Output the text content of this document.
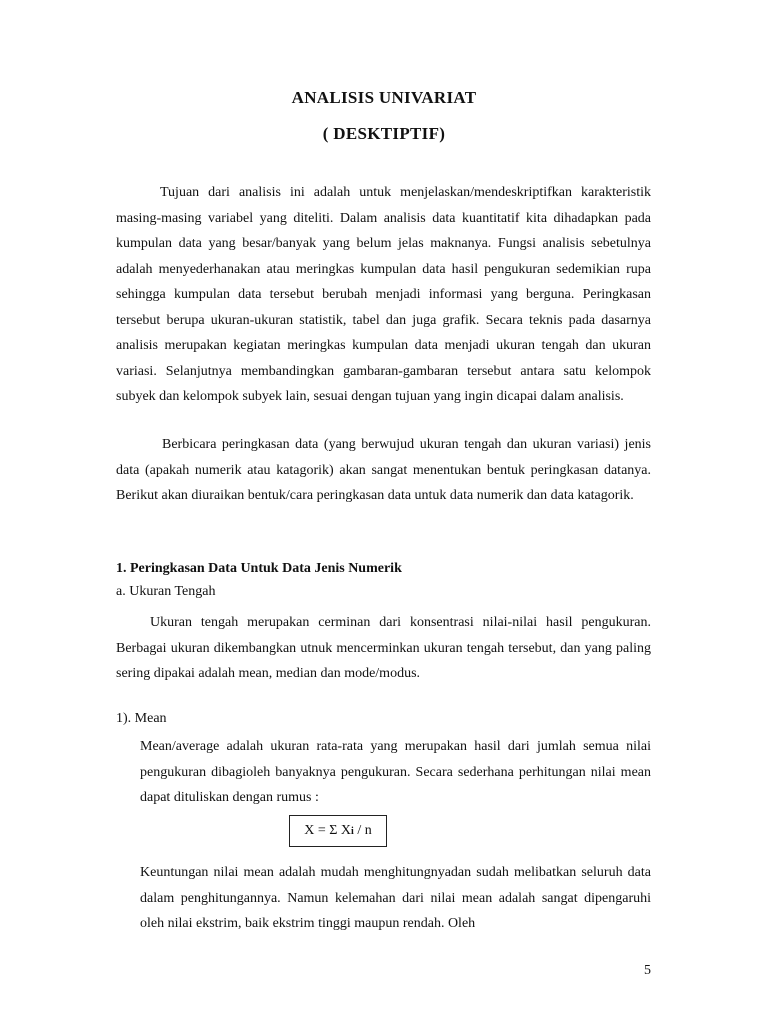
ANALISIS UNIVARIAT
( DESKTIPTIF)

Tujuan dari analisis ini adalah untuk menjelaskan/mendeskriptifkan karakteristik masing-masing variabel yang diteliti. Dalam analisis data kuantitatif kita dihadapkan pada kumpulan data yang besar/banyak yang belum jelas maknanya. Fungsi analisis sebetulnya adalah menyederhanakan atau meringkas kumpulan data hasil pengukuran sedemikian rupa sehingga kumpulan data tersebut berubah menjadi informasi yang berguna. Peringkasan tersebut berupa ukuran-ukuran statistik, tabel dan juga grafik. Secara teknis pada dasarnya analisis merupakan kegiatan meringkas kumpulan data menjadi ukuran tengah dan ukuran variasi. Selanjutnya membandingkan gambaran-gambaran tersebut antara satu kelompok subyek dan kelompok subyek lain, sesuai dengan tujuan yang ingin dicapai dalam analisis.

Berbicara peringkasan data (yang berwujud ukuran tengah dan ukuran variasi) jenis data (apakah numerik atau katagorik) akan sangat menentukan bentuk peringkasan datanya. Berikut akan diuraikan bentuk/cara peringkasan data untuk data numerik dan data katagorik.

1. Peringkasan Data Untuk Data Jenis Numerik
a. Ukuran Tengah

Ukuran tengah merupakan cerminan dari konsentrasi nilai-nilai hasil pengukuran. Berbagai ukuran dikembangkan utnuk mencerminkan ukuran tengah tersebut, dan yang paling sering dipakai adalah mean, median dan mode/modus.

1). Mean

Mean/average adalah ukuran rata-rata yang merupakan hasil dari jumlah semua nilai pengukuran dibagioleh banyaknya pengukuran. Secara sederhana perhitungan nilai mean dapat dituliskan dengan rumus :

X = Σ X i / n

Keuntungan nilai mean adalah mudah menghitungnyadan sudah melibatkan seluruh data dalam penghitungannya. Namun kelemahan dari nilai mean adalah sangat dipengaruhi oleh nilai ekstrim, baik ekstrim tinggi maupun rendah. Oleh

5
